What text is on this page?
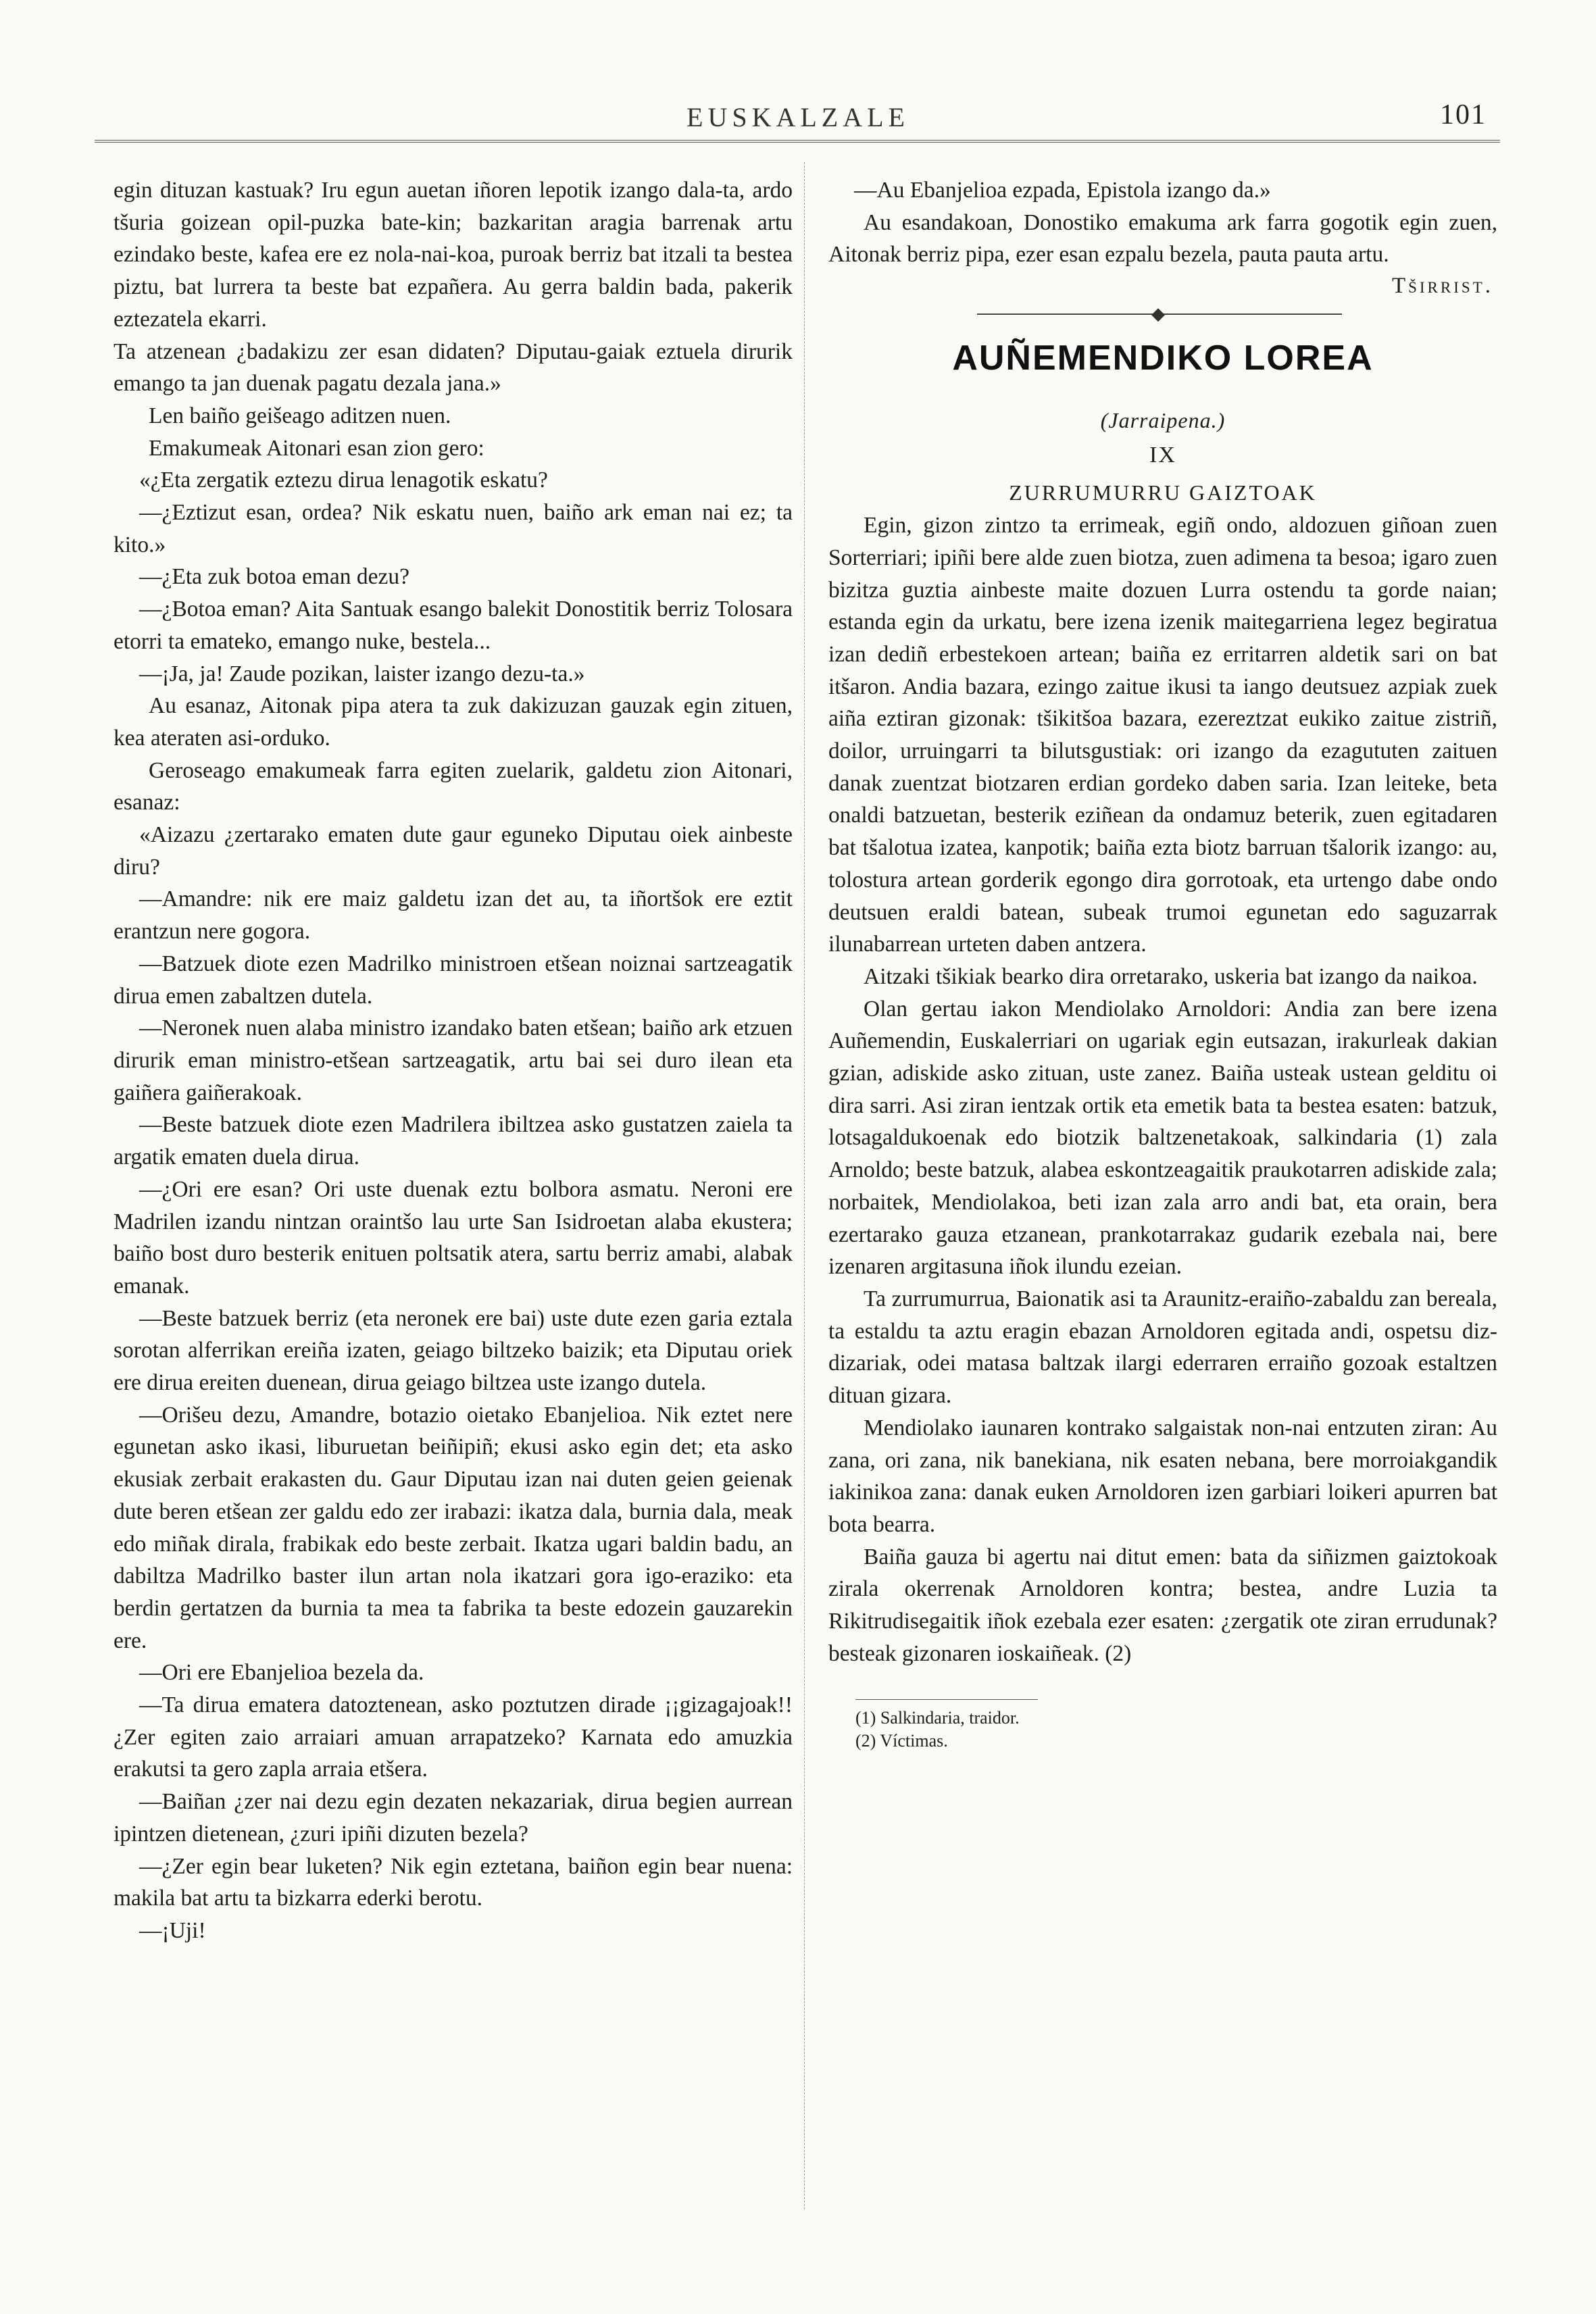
EUSKALZALE	101

egin dituzan kastuak? Iru egun auetan iñoren lepotik izango dala-ta, ardo tšuria goizean opil-puzka bate-kin; bazkaritan aragia barrenak artu ezindako beste, kafea ere ez nola-nai-koa, puroak berriz bat itzali ta bestea piztu, bat lurrera ta beste bat ezpañera. Au gerra baldin bada, pakerik eztezatela ekarri.

Ta atzenean ¿badakizu zer esan didaten? Diputau-gaiak eztuela dirurik emango ta jan duenak pagatu dezala jana.»

Len baiño geišeago aditzen nuen.

Emakumeak Aitonari esan zion gero:

«¿Eta zergatik eztezu dirua lenagotik eskatu?

—¿Eztizut esan, ordea? Nik eskatu nuen, baiño ark eman nai ez; ta kito.»

—¿Eta zuk botoa eman dezu?

—¿Botoa eman? Aita Santuak esango balekit Donostitik berriz Tolosara etorri ta emateko, emango nuke, bestela...

—¡Ja, ja! Zaude pozikan, laister izango dezu-ta.»

Au esanaz, Aitonak pipa atera ta zuk dakizuzan gauzak egin zituen, kea ateraten asi-orduko.

Geroseago emakumeak farra egiten zuelarik, galdetu zion Aitonari, esanaz:

«Aizazu ¿zertarako ematen dute gaur eguneko Diputau oiek ainbeste diru?

—Amandre: nik ere maiz galdetu izan det au, ta iñortšok ere eztit erantzun nere gogora.

—Batzuek diote ezen Madrilko ministroen etšean noiznai sartzeagatik dirua emen zabaltzen dutela.

—Neronek nuen alaba ministro izandako baten etšean; baiño ark etzuen dirurik eman ministro-etšean sartzeagatik, artu bai sei duro ilean eta gaiñera gaiñerakoak.

—Beste batzuek diote ezen Madrilera ibiltzea asko gustatzen zaiela ta argatik ematen duela dirua.

—¿Ori ere esan? Ori uste duenak eztu bolbora asmatu. Neroni ere Madrilen izandu nintzan oraintšo lau urte San Isidroetan alaba ekustera; baiño bost duro besterik enituen poltsatik atera, sartu berriz amabi, alabak emanak.

—Beste batzuek berriz (eta neronek ere bai) uste dute ezen garia eztala sorotan alferrikan ereiña izaten, geiago biltzeko baizik; eta Diputau oriek ere dirua ereiten duenean, dirua geiago biltzea uste izango dutela.

—Orišeu dezu, Amandre, botazio oietako Ebanjelioa. Nik eztet nere egunetan asko ikasi, liburuetan beiñipiñ; ekusi asko egin det; eta asko ekusiak zerbait erakasten du. Gaur Diputau izan nai duten geien geienak dute beren etšean zer galdu edo zer irabazi: ikatza dala, burnia dala, meak edo miñak dirala, frabikak edo beste zerbait. Ikatza ugari baldin badu, an dabiltza Madrilko baster ilun artan nola ikatzari gora igo-eraziko: eta berdin gertatzen da burnia ta mea ta fabrika ta beste edozein gauzarekin ere.

—Ori ere Ebanjelioa bezela da.

—Ta dirua ematera datoztenean, asko poztutzen dirade ¡¡gizagajoak!! ¿Zer egiten zaio arraiari amuan arrapatzeko? Karnata edo amuzkia erakutsi ta gero zapla arraia etšera.

—Baiñan ¿zer nai dezu egin dezaten nekazariak, dirua begien aurrean ipintzen dietenean, ¿zuri ipiñi dizuten bezela?

—¿Zer egin bear luketen? Nik egin eztetana, baiñon egin bear nuena: makila bat artu ta bizkarra ederki berotu.

—¡Uji!

—Au Ebanjelioa ezpada, Epistola izango da.»

Au esandakoan, Donostiko emakuma ark farra gogotik egin zuen, Aitonak berriz pipa, ezer esan ezpalu bezela, pauta pauta artu.

Tširrist.
◆
AUÑEMENDIKO LOREA
(Jarraipena.)
IX
ZURRUMURRU GAIZTOAK

Egin, gizon zintzo ta errimeak, egiñ ondo, aldozuen giñoan zuen Sorterriari; ipiñi bere alde zuen biotza, zuen adimena ta besoa; igaro zuen bizitza guztia ainbeste maite dozuen Lurra ostendu ta gorde naian; estanda egin da urkatu, bere izena izenik maitegarriena legez begiratua izan dediñ erbestekoen artean; baiña ez erritarren aldetik sari on bat itšaron. Andia bazara, ezingo zaitue ikusi ta iango deutsuez azpiak zuek aiña eztiran gizonak: tšikitšoa bazara, ezereztzat eukiko zaitue zistriñ, doilor, urruingarri ta bilutsgustiak: ori izango da ezagututen zaituen danak zuentzat biotzaren erdian gordeko daben saria. Izan leiteke, beta onaldi batzuetan, besterik eziñean da ondamuz beterik, zuen egitadaren bat tšalotua izatea, kanpotik; baiña ezta biotz barruan tšalorik izango: au, tolostura artean gorderik egongo dira gorrotoak, eta urtengo dabe ondo deutsuen eraldi batean, subeak trumoi egunetan edo saguzarrak ilunabarrean urteten daben antzera.

Aitzaki tšikiak bearko dira orretarako, uskeria bat izango da naikoa.

Olan gertau iakon Mendiolako Arnoldori: Andia zan bere izena Auñemendin, Euskalerriari on ugariak egin eutsazan, irakurleak dakian gzian, adiskide asko zituan, uste zanez. Baiña usteak ustean gelditu oi dira sarri. Asi ziran ientzak ortik eta emetik bata ta bestea esaten: batzuk, lotsagaldukoenak edo biotzik baltzenetakoak, salkindaria (1) zala Arnoldo; beste batzuk, alabea eskontzeagaitik praukotarren adiskide zala; norbaitek, Mendiolakoa, beti izan zala arro andi bat, eta orain, bera ezertarako gauza etzanean, prankotarrakaz gudarik ezebala nai, bere izenaren argitasuna iñok ilundu ezeian.

Ta zurrumurrua, Baionatik asi ta Araunitz-eraiño-zabaldu zan bereala, ta estaldu ta aztu eragin ebazan Arnoldoren egitada andi, ospetsu diz-dizariak, odei matasa baltzak ilargi ederraren erraiño gozoak estaltzen dituan gizara.

Mendiolako iaunaren kontrako salgaistak non-nai entzuten ziran: Au zana, ori zana, nik banekiana, nik esaten nebana, bere morroiakgandik iakinikoa zana: danak euken Arnoldoren izen garbiari loikeri apurren bat bota bearra.

Baiña gauza bi agertu nai ditut emen: bata da siñizmen gaiztokoak zirala okerrenak Arnoldoren kontra; bestea, andre Luzia ta Rikitrudisegaitik iñok ezebala ezer esaten: ¿zergatik ote ziran errudunak? besteak gizonaren ioskaiñeak. (2)

(1) Salkindaria, traidor.
(2) Víctimas.
